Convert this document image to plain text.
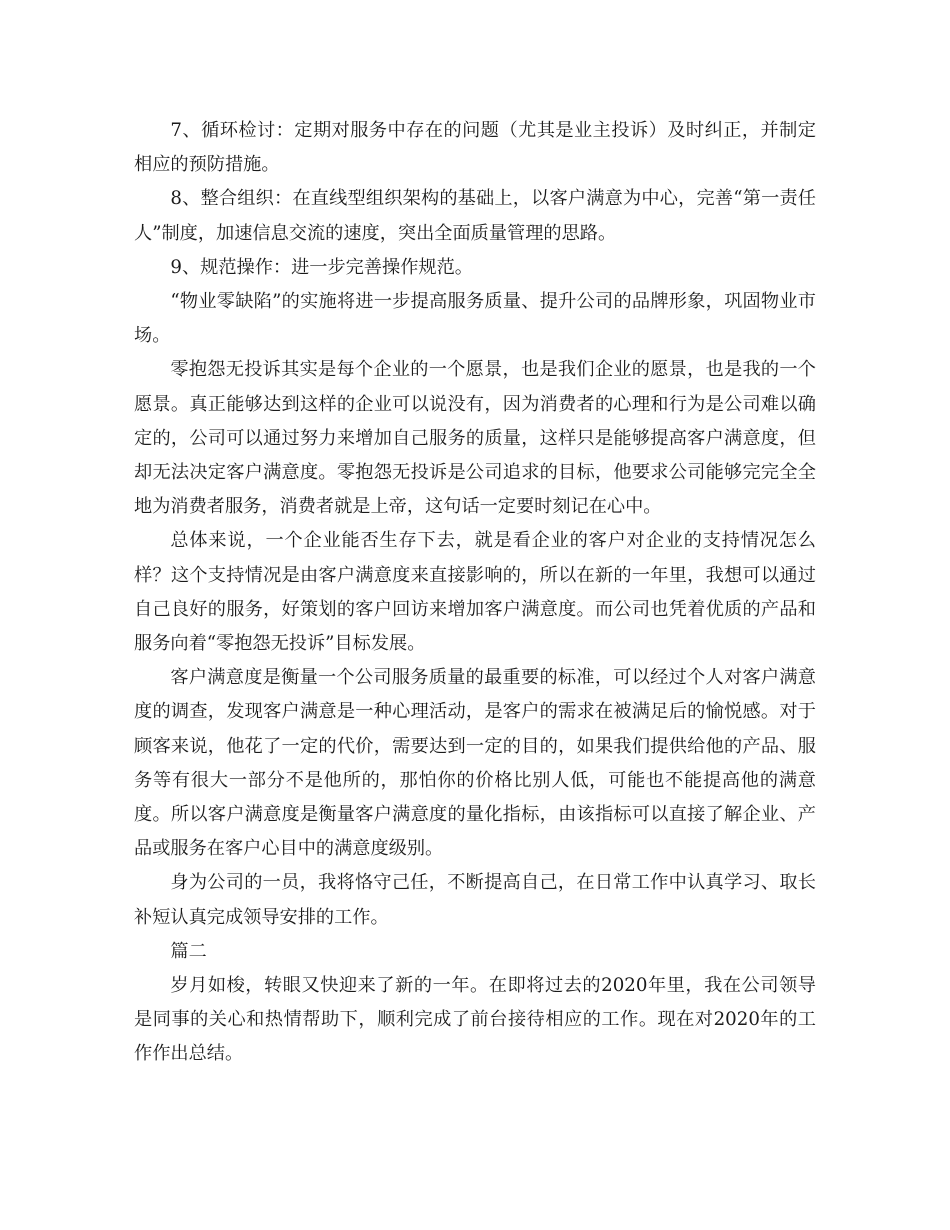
7、循环检讨：定期对服务中存在的问题（尤其是业主投诉）及时纠正，并制定相应的预防措施。

8、整合组织：在直线型组织架构的基础上，以客户满意为中心，完善“第一责任人”制度，加速信息交流的速度，突出全面质量管理的思路。

9、规范操作：进一步完善操作规范。

“物业零缺陷”的实施将进一步提高服务质量、提升公司的品牌形象，巩固物业市场。

零抱怨无投诉其实是每个企业的一个愿景，也是我们企业的愿景，也是我的一个愿景。真正能够达到这样的企业可以说没有，因为消费者的心理和行为是公司难以确定的，公司可以通过努力来增加自己服务的质量，这样只是能够提高客户满意度，但却无法决定客户满意度。零抱怨无投诉是公司追求的目标，他要求公司能够完完全全地为消费者服务，消费者就是上帝，这句话一定要时刻记在心中。

总体来说，一个企业能否生存下去，就是看企业的客户对企业的支持情况怎么样？这个支持情况是由客户满意度来直接影响的，所以在新的一年里，我想可以通过自己良好的服务，好策划的客户回访来增加客户满意度。而公司也凭着优质的产品和服务向着“零抱怨无投诉”目标发展。

客户满意度是衡量一个公司服务质量的最重要的标准，可以经过个人对客户满意度的调查，发现客户满意是一种心理活动，是客户的需求在被满足后的愉悦感。对于顾客来说，他花了一定的代价，需要达到一定的目的，如果我们提供给他的产品、服务等有很大一部分不是他所的，那怕你的价格比别人低，可能也不能提高他的满意度。所以客户满意度是衡量客户满意度的量化指标，由该指标可以直接了解企业、产品或服务在客户心目中的满意度级别。

身为公司的一员，我将恪守己任，不断提高自己，在日常工作中认真学习、取长补短认真完成领导安排的工作。

篇二

岁月如梭，转眼又快迎来了新的一年。在即将过去的2020年里，我在公司领导是同事的关心和热情帮助下，顺利完成了前台接待相应的工作。现在对2020年的工作作出总结。
